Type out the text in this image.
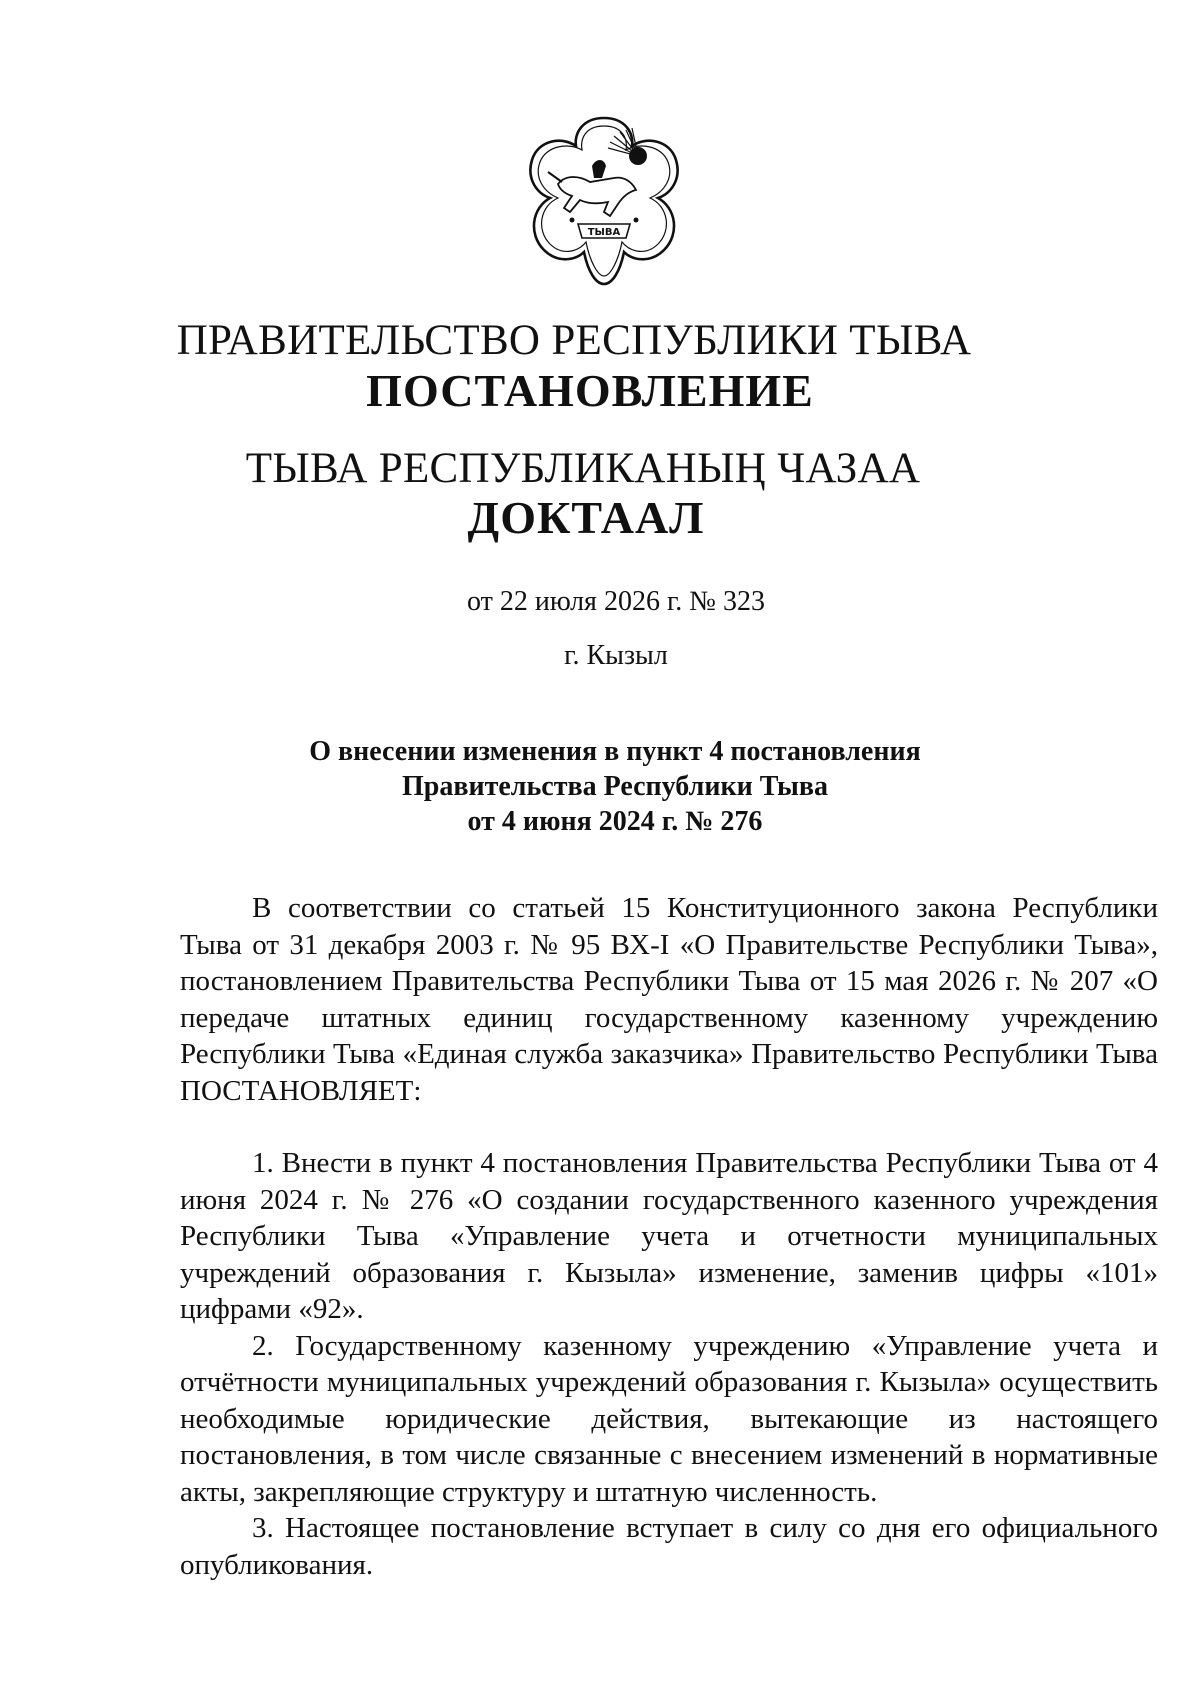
ТЫВА
ПРАВИТЕЛЬСТВО РЕСПУБЛИКИ ТЫВА
ПОСТАНОВЛЕНИЕ
ТЫВА РЕСПУБЛИКАНЫҢ ЧАЗАА
ДОКТААЛ
от 22 июля 2026 г. № 323
г. Кызыл
О внесении изменения в пункт 4 постановления
Правительства Республики Тыва
от 4 июня 2024 г. № 276

В соответствии со статьей 15 Конституционного закона Республики Тыва от 31 декабря 2003 г. № 95 ВХ-I «О Правительстве Республики Тыва», постановлением Правительства Республики Тыва от 15 мая 2026 г. № 207 «О передаче штатных единиц государственному казенному учреждению Республики Тыва «Единая служба заказчика» Правительство Республики Тыва ПОСТАНОВЛЯЕТ:

1. Внести в пункт 4 постановления Правительства Республики Тыва от 4 июня 2024 г. № 276 «О создании государственного казенного учреждения Республики Тыва «Управление учета и отчетности муниципальных учреждений образования г. Кызыла» изменение, заменив цифры «101» цифрами «92».

2. Государственному казенному учреждению «Управление учета и отчётности муниципальных учреждений образования г. Кызыла» осуществить необходимые юридические действия, вытекающие из настоящего постановления, в том числе связанные с внесением изменений в нормативные акты, закрепляющие структуру и штатную численность.

3. Настоящее постановление вступает в силу со дня его официального опубликования.
